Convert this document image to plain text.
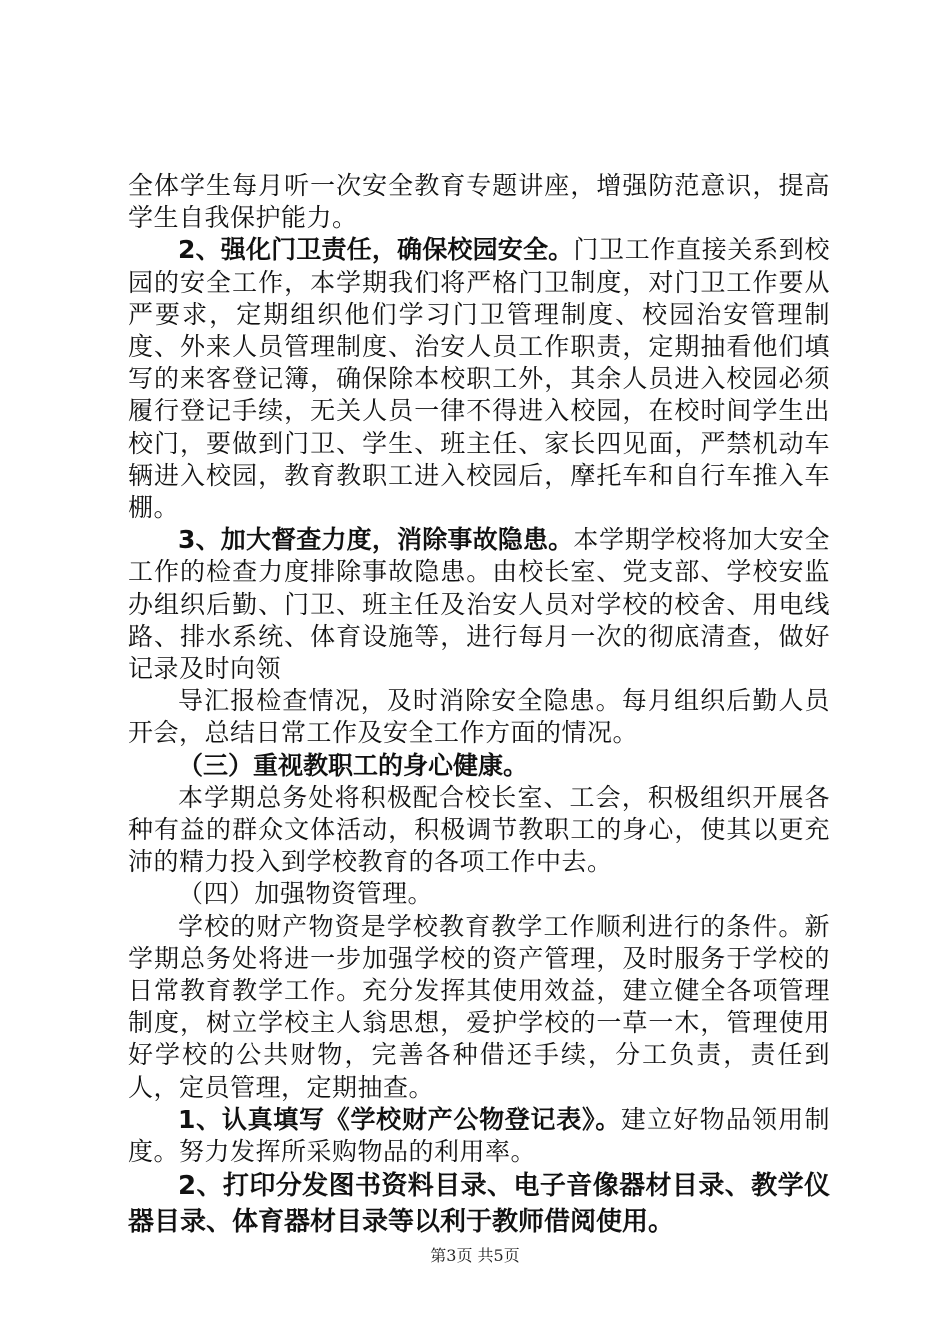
全体学生每月听一次安全教育专题讲座，增强防范意识，提高学生自我保护能力。

2、强化门卫责任，确保校园安全。门卫工作直接关系到校园的安全工作，本学期我们将严格门卫制度，对门卫工作要从严要求，定期组织他们学习门卫管理制度、校园治安管理制度、外来人员管理制度、治安人员工作职责，定期抽看他们填写的来客登记簿，确保除本校职工外，其余人员进入校园必须履行登记手续，无关人员一律不得进入校园，在校时间学生出校门，要做到门卫、学生、班主任、家长四见面，严禁机动车辆进入校园，教育教职工进入校园后，摩托车和自行车推入车棚。

3、加大督查力度，消除事故隐患。本学期学校将加大安全工作的检查力度排除事故隐患。由校长室、党支部、学校安监办组织后勤、门卫、班主任及治安人员对学校的校舍、用电线路、排水系统、体育设施等，进行每月一次的彻底清查，做好记录及时向领

导汇报检查情况，及时消除安全隐患。每月组织后勤人员开会，总结日常工作及安全工作方面的情况。

（三）重视教职工的身心健康。

本学期总务处将积极配合校长室、工会，积极组织开展各种有益的群众文体活动，积极调节教职工的身心，使其以更充沛的精力投入到学校教育的各项工作中去。

（四）加强物资管理。

学校的财产物资是学校教育教学工作顺利进行的条件。新学期总务处将进一步加强学校的资产管理，及时服务于学校的日常教育教学工作。充分发挥其使用效益，建立健全各项管理制度，树立学校主人翁思想，爱护学校的一草一木，管理使用好学校的公共财物，完善各种借还手续，分工负责，责任到人，定员管理，定期抽查。

1、认真填写《学校财产公物登记表》。建立好物品领用制度。努力发挥所采购物品的利用率。

2、打印分发图书资料目录、电子音像器材目录、教学仪器目录、体育器材目录等以利于教师借阅使用。

第3页 共5页
